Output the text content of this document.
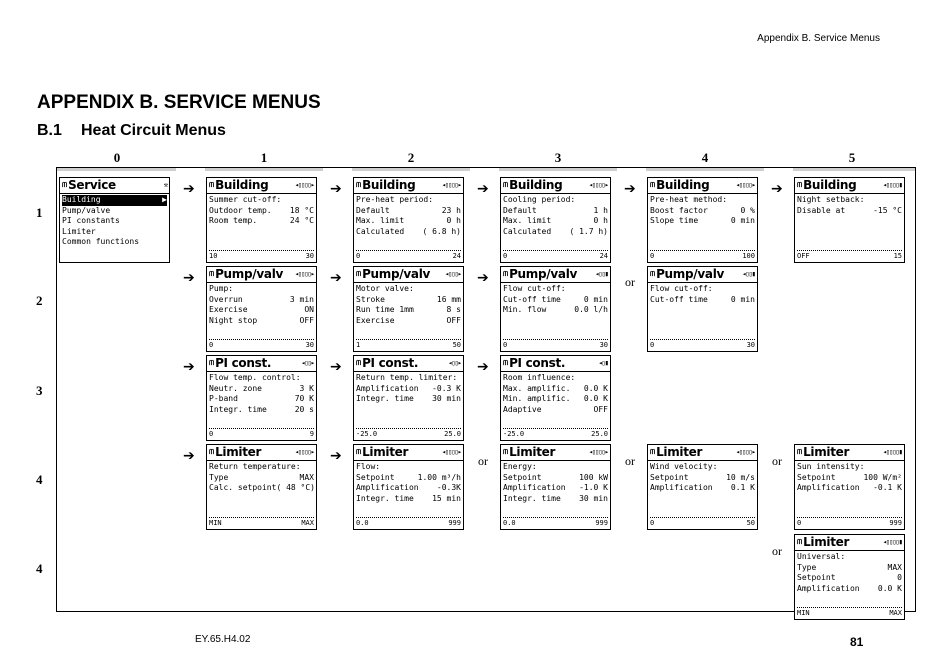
Appendix B. Service Menus
APPENDIX B. SERVICE MENUS
B.1 Heat Circuit Menus
0	1	2	3	4	5
1
2
3
4
4
ᗰ Service	⚒
Building	▶
Pump/valve
PI constants
Limiter
Common functions
ᗰ Building	◂▯▯▯▯▸
Summer cut-off:
Outdoor temp. 18 °C
Room temp.	24 °C
10	30
ᗰ Building	◂▯▯▯▯▸
Pre-heat period:
Default	23 h
Max. limit	0 h
Calculated ( 6.8 h)
0	24
ᗰ Building	◂▯▯▯▯▸
Cooling period:
Default	1 h
Max. limit	0 h
Calculated ( 1.7 h)
0	24
ᗰ Building	◂▯▯▯▯▸
Pre-heat method:
Boost factor	0 %
Slope time	0 min
0	100
ᗰ Building	◂▯▯▯▯▮
Night setback:
Disable at	-15 °C
OFF	15
ᗰ Pump/valv ◂▯▯▯▯▸
Pump:
Overrun	3 min
Exercise	ON
Night stop	OFF
0	30
ᗰ Pump/valv ◂▯▯▯▸
Motor valve:
Stroke	16 mm
Run time 1mm	8 s
Exercise	OFF
1	50
ᗰ Pump/valv	◂▯▯▮
Flow cut-off:
Cut-off time	0 min
Min. flow	0.0 l/h
0	30
ᗰ Pump/valv	◂▯▯▮
Flow cut-off:
Cut-off time	0 min
0	30
ᗰ PI const.	◂▯▯▸
Flow temp. control:
Neutr. zone	3 K
P-band	70 K
Integr. time	20 s
0	9
ᗰ PI const.	◂▯▯▸
Return temp. limiter:
Amplification -0.3 K
Integr. time 30 min
-25.0	25.0
ᗰ PI const.	◂▯▮
Room influence:
Max. amplific. 0.0 K
Min. amplific. 0.0 K
Adaptive	OFF
-25.0	25.0
ᗰ Limiter	◂▯▯▯▯▸
Return temperature:
Type	MAX
Calc. setpoint ( 48 °C)
MIN	MAX
ᗰ Limiter	◂▯▯▯▯▸
Flow:
Setpoint	1.00 m³/h
Amplification -0.3K
Integr. time 15 min
0.0	999
ᗰ Limiter	◂▯▯▯▯▸
Energy:
Setpoint	100 kW
Amplification -1.0 K
Integr. time 30 min
0.0	999
ᗰ Limiter	◂▯▯▯▯▸
Wind velocity:
Setpoint	10 m/s
Amplification 0.1 K
0	50
ᗰ Limiter	◂▯▯▯▯▮
Sun intensity:
Setpoint	100 W/m²
Amplification -0.1 K
0	999
ᗰ Limiter	◂▯▯▯▯▮
Universal:
Type	MAX
Setpoint	0
Amplification 0.0 K
MIN	MAX
➔	➔	➔	➔	➔
➔	➔	➔	or
➔	➔	➔
➔	➔	or	or	or
or
EY.65.H4.02	81
